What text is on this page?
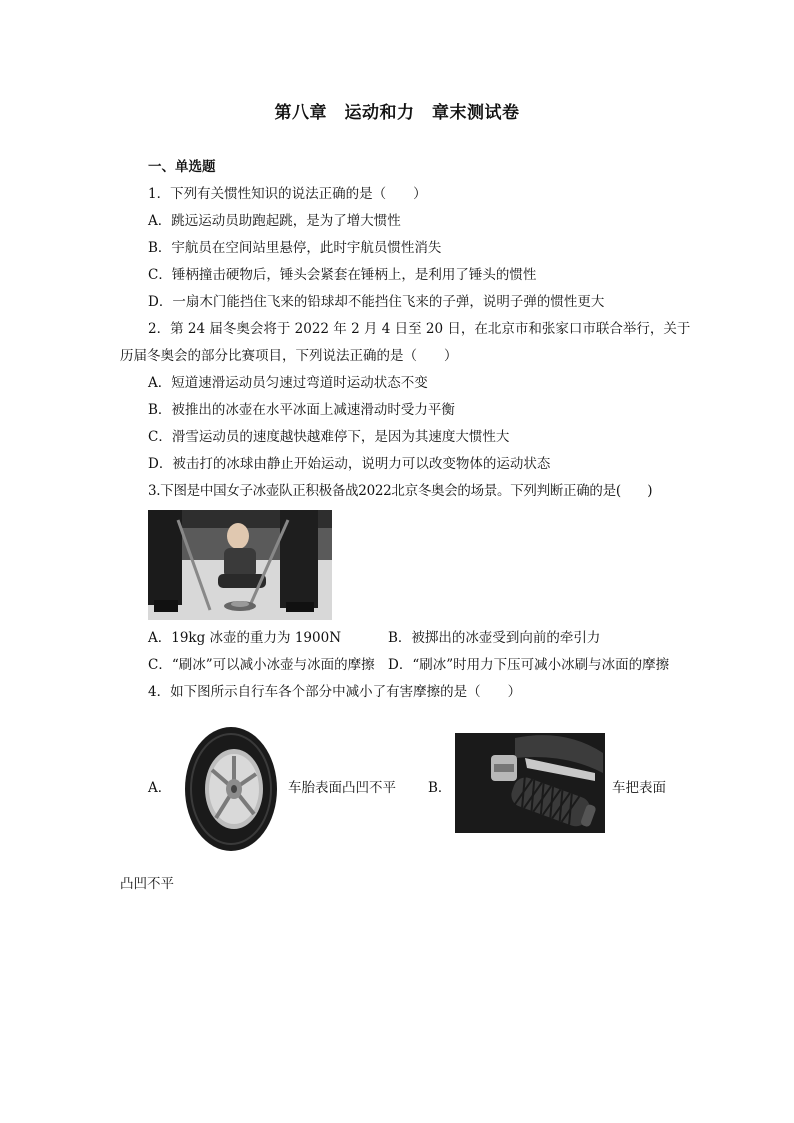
第八章　运动和力　章末测试卷
一、单选题
1．下列有关惯性知识的说法正确的是（　　）
A．跳远运动员助跑起跳，是为了增大惯性
B．宇航员在空间站里悬停，此时宇航员惯性消失
C．锤柄撞击硬物后，锤头会紧套在锤柄上，是利用了锤头的惯性
D．一扇木门能挡住飞来的铅球却不能挡住飞来的子弹，说明子弹的惯性更大
2．第 24 届冬奥会将于 2022 年 2 月 4 日至 20 日，在北京市和张家口市联合举行，关于
历届冬奥会的部分比赛项目，下列说法正确的是（　　）
A．短道速滑运动员匀速过弯道时运动状态不变
B．被推出的冰壶在水平冰面上减速滑动时受力平衡
C．滑雪运动员的速度越快越难停下，是因为其速度大惯性大
D．被击打的冰球由静止开始运动，说明力可以改变物体的运动状态
3.下图是中国女子冰壶队正积极备战2022北京冬奥会的场景。下列判断正确的是(　　)
A．19kg 冰壶的重力为 1900N	B．被掷出的冰壶受到向前的牵引力
C．“刷冰”可以减小冰壶与冰面的摩擦 D．“刷冰”时用力下压可减小冰刷与冰面的摩擦
4．如下图所示自行车各个部分中减小了有害摩擦的是（　　）
A．	车胎表面凸凹不平 B．	车把表面
凸凹不平
